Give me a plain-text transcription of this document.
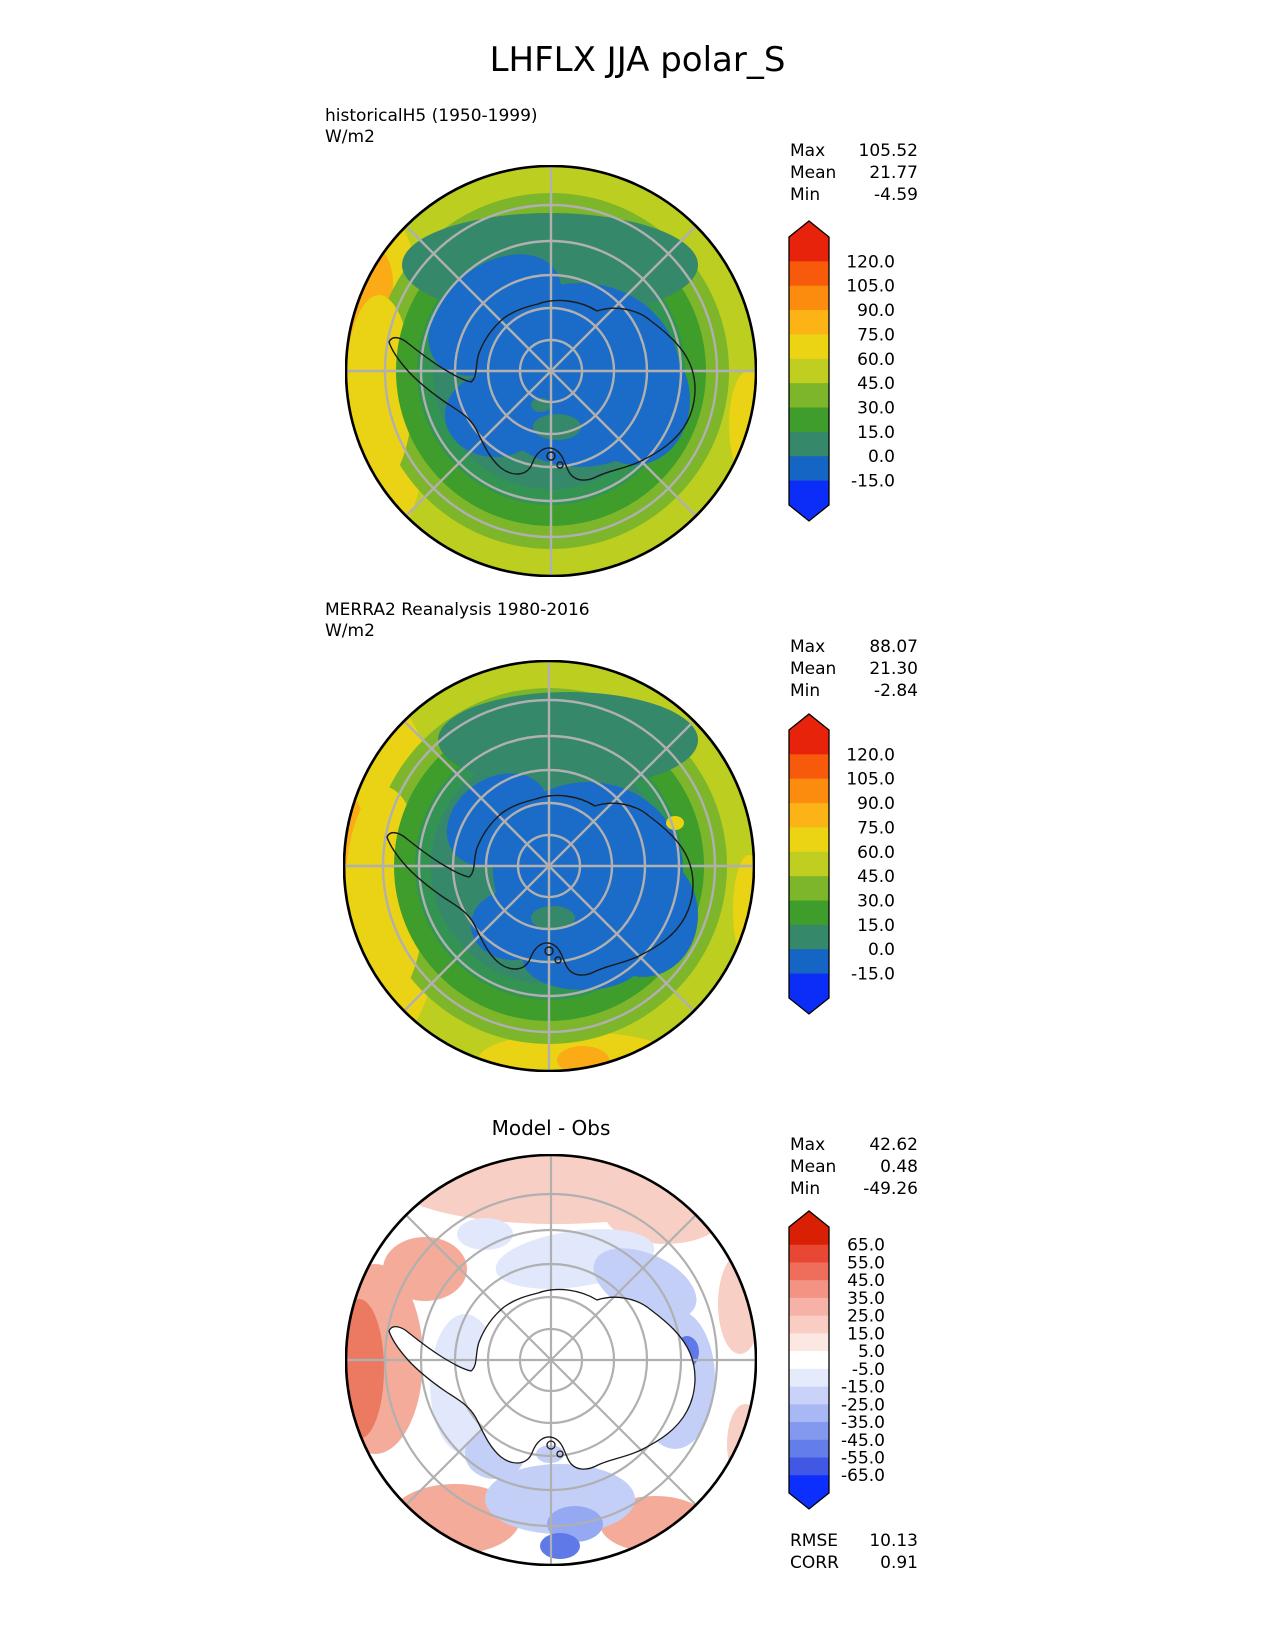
LHFLX JJA polar_S
historicalH5 (1950-1999)
W/m2
Max 105.52
Mean 21.77
Min	-4.59
120.0
105.0
90.0
75.0
60.0
45.0
30.0
15.0
0.0
-15.0
MERRA2 Reanalysis 1980-2016
W/m2
Max	88.07
Mean 21.30
Min	-2.84
120.0
105.0
90.0
75.0
60.0
45.0
30.0
15.0
0.0
-15.0
Model - Obs
Max	42.62
Mean	0.48
Min	-49.26
65.0
55.0
45.0
35.0
25.0
15.0
5.0
-5.0
-15.0
-25.0
-35.0
-45.0
-55.0
-65.0
RMSE 10.13
CORR 0.91
